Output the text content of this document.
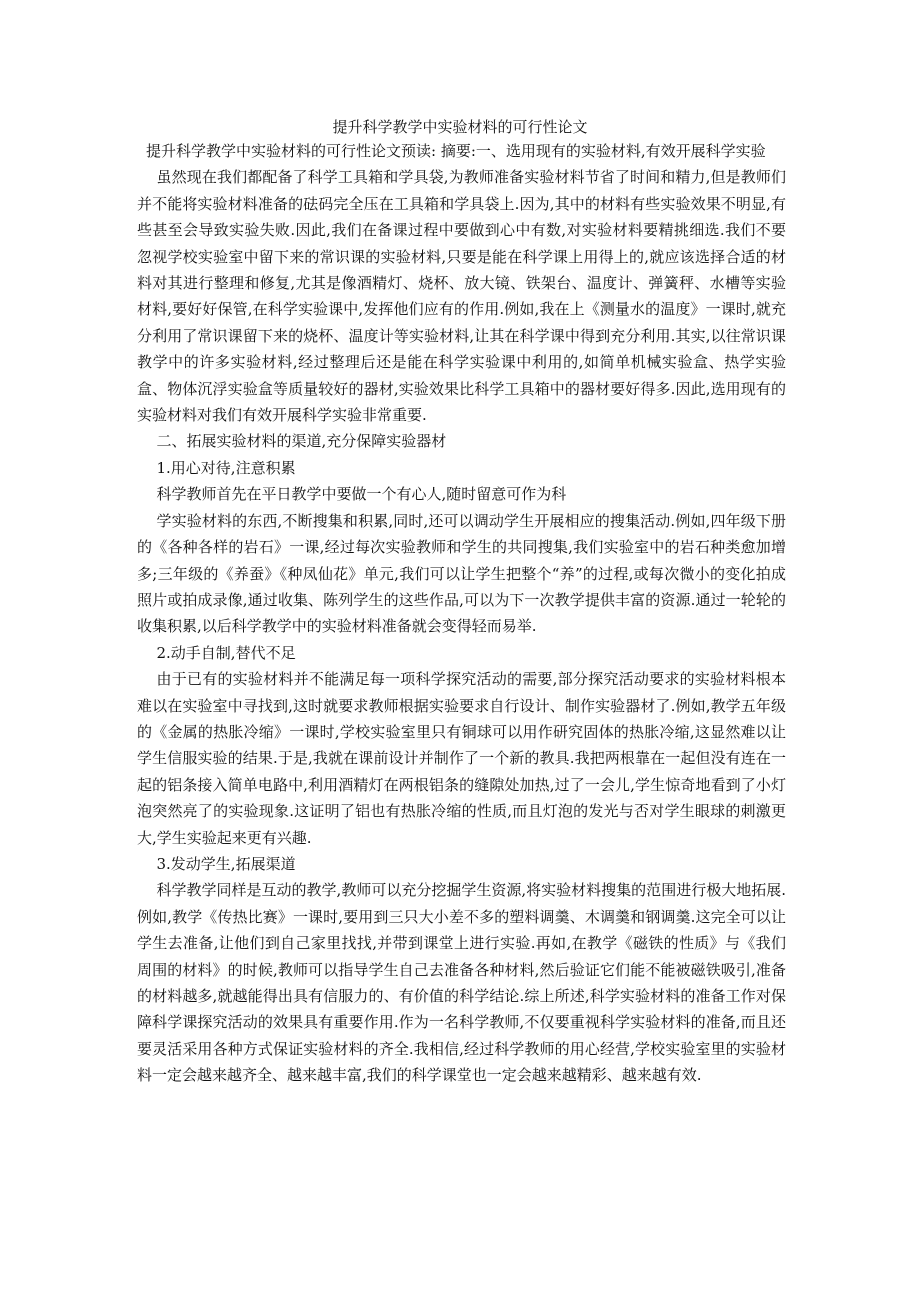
提升科学教学中实验材料的可行性论文

提升科学教学中实验材料的可行性论文预读: 摘要:一、选用现有的实验材料,有效开展科学实验

虽然现在我们都配备了科学工具箱和学具袋,为教师准备实验材料节省了时间和精力,但是教师们并不能将实验材料准备的砝码完全压在工具箱和学具袋上.因为,其中的材料有些实验效果不明显,有些甚至会导致实验失败.因此,我们在备课过程中要做到心中有数,对实验材料要精挑细选.我们不要忽视学校实验室中留下来的常识课的实验材料,只要是能在科学课上用得上的,就应该选择合适的材料对其进行整理和修复,尤其是像酒精灯、烧杯、放大镜、铁架台、温度计、弹簧秤、水槽等实验材料,要好好保管,在科学实验课中,发挥他们应有的作用.例如,我在上《测量水的温度》一课时,就充分利用了常识课留下来的烧杯、温度计等实验材料,让其在科学课中得到充分利用.其实,以往常识课教学中的许多实验材料,经过整理后还是能在科学实验课中利用的,如简单机械实验盒、热学实验盒、物体沉浮实验盒等质量较好的器材,实验效果比科学工具箱中的器材要好得多.因此,选用现有的实验材料对我们有效开展科学实验非常重要.

二、拓展实验材料的渠道,充分保障实验器材

1.用心对待,注意积累

科学教师首先在平日教学中要做一个有心人,随时留意可作为科

学实验材料的东西,不断搜集和积累,同时,还可以调动学生开展相应的搜集活动.例如,四年级下册的《各种各样的岩石》一课,经过每次实验教师和学生的共同搜集,我们实验室中的岩石种类愈加增多;三年级的《养蚕》《种凤仙花》单元,我们可以让学生把整个“养”的过程,或每次微小的变化拍成照片或拍成录像,通过收集、陈列学生的这些作品,可以为下一次教学提供丰富的资源.通过一轮轮的收集积累,以后科学教学中的实验材料准备就会变得轻而易举.

2.动手自制,替代不足

由于已有的实验材料并不能满足每一项科学探究活动的需要,部分探究活动要求的实验材料根本难以在实验室中寻找到,这时就要求教师根据实验要求自行设计、制作实验器材了.例如,教学五年级的《金属的热胀冷缩》一课时,学校实验室里只有铜球可以用作研究固体的热胀冷缩,这显然难以让学生信服实验的结果.于是,我就在课前设计并制作了一个新的教具.我把两根靠在一起但没有连在一起的铝条接入简单电路中,利用酒精灯在两根铝条的缝隙处加热,过了一会儿,学生惊奇地看到了小灯泡突然亮了的实验现象.这证明了铝也有热胀冷缩的性质,而且灯泡的发光与否对学生眼球的刺激更大,学生实验起来更有兴趣.

3.发动学生,拓展渠道

科学教学同样是互动的教学,教师可以充分挖掘学生资源,将实验材料搜集的范围进行极大地拓展.例如,教学《传热比赛》一课时,要用到三只大小差不多的塑料调羹、木调羹和钢调羹.这完全可以让学生去准备,让他们到自己家里找找,并带到课堂上进行实验.再如,在教学《磁铁的性质》与《我们周围的材料》的时候,教师可以指导学生自己去准备各种材料,然后验证它们能不能被磁铁吸引,准备的材料越多,就越能得出具有信服力的、有价值的科学结论.综上所述,科学实验材料的准备工作对保障科学课探究活动的效果具有重要作用.作为一名科学教师,不仅要重视科学实验材料的准备,而且还要灵活采用各种方式保证实验材料的齐全.我相信,经过科学教师的用心经营,学校实验室里的实验材料一定会越来越齐全、越来越丰富,我们的科学课堂也一定会越来越精彩、越来越有效.
